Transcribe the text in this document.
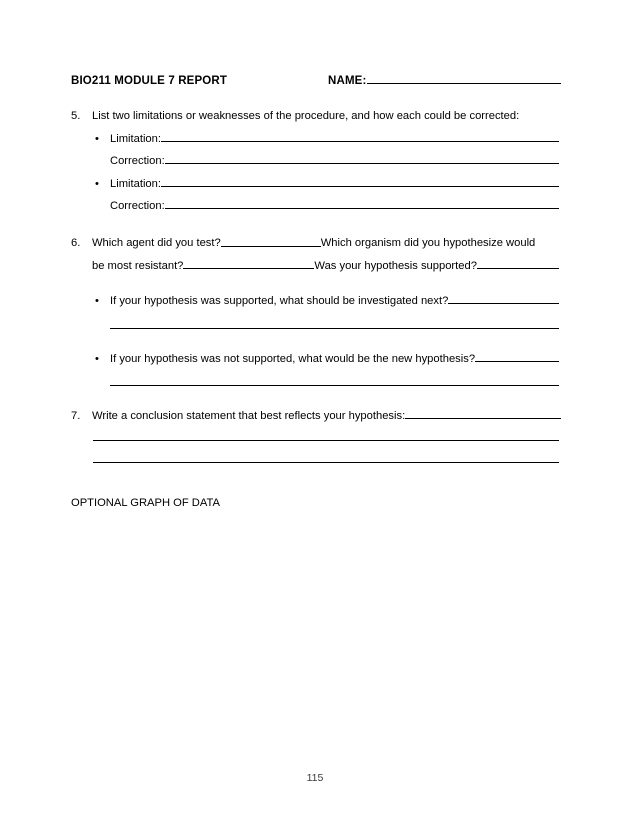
BIO211 MODULE 7 REPORT	NAME:
5.	List two limitations or weaknesses of the procedure, and how each could be corrected:
• Limitation:
Correction:
• Limitation:
Correction:
6.	Which agent did you test?	Which organism did you hypothesize would
be most resistant?	Was your hypothesis supported?
• If your hypothesis was supported, what should be investigated next?
• If your hypothesis was not supported, what would be the new hypothesis?
7.	Write a conclusion statement that best reflects your hypothesis:
OPTIONAL GRAPH OF DATA
115
